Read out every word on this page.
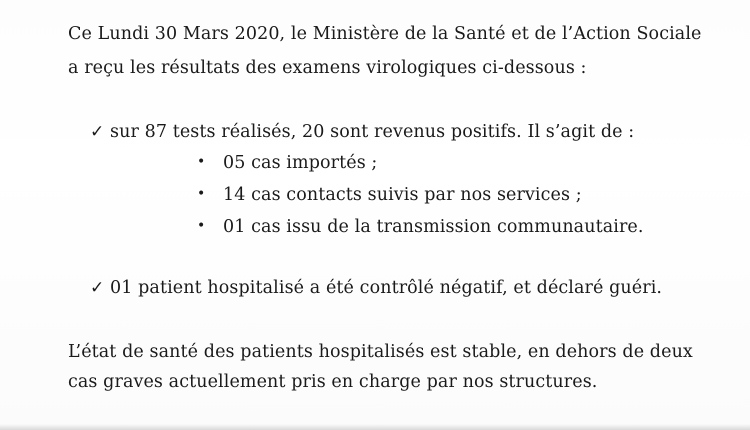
Ce Lundi 30 Mars 2020, le Ministère de la Santé et de l’Action Sociale
a reçu les résultats des examens virologiques ci-dessous :
✓ sur 87 tests réalisés, 20 sont revenus positifs. Il s’agit de :
• 05 cas importés ;
• 14 cas contacts suivis par nos services ;
• 01 cas issu de la transmission communautaire.
✓ 01 patient hospitalisé a été contrôlé négatif, et déclaré guéri.
L’état de santé des patients hospitalisés est stable, en dehors de deux
cas graves actuellement pris en charge par nos structures.
